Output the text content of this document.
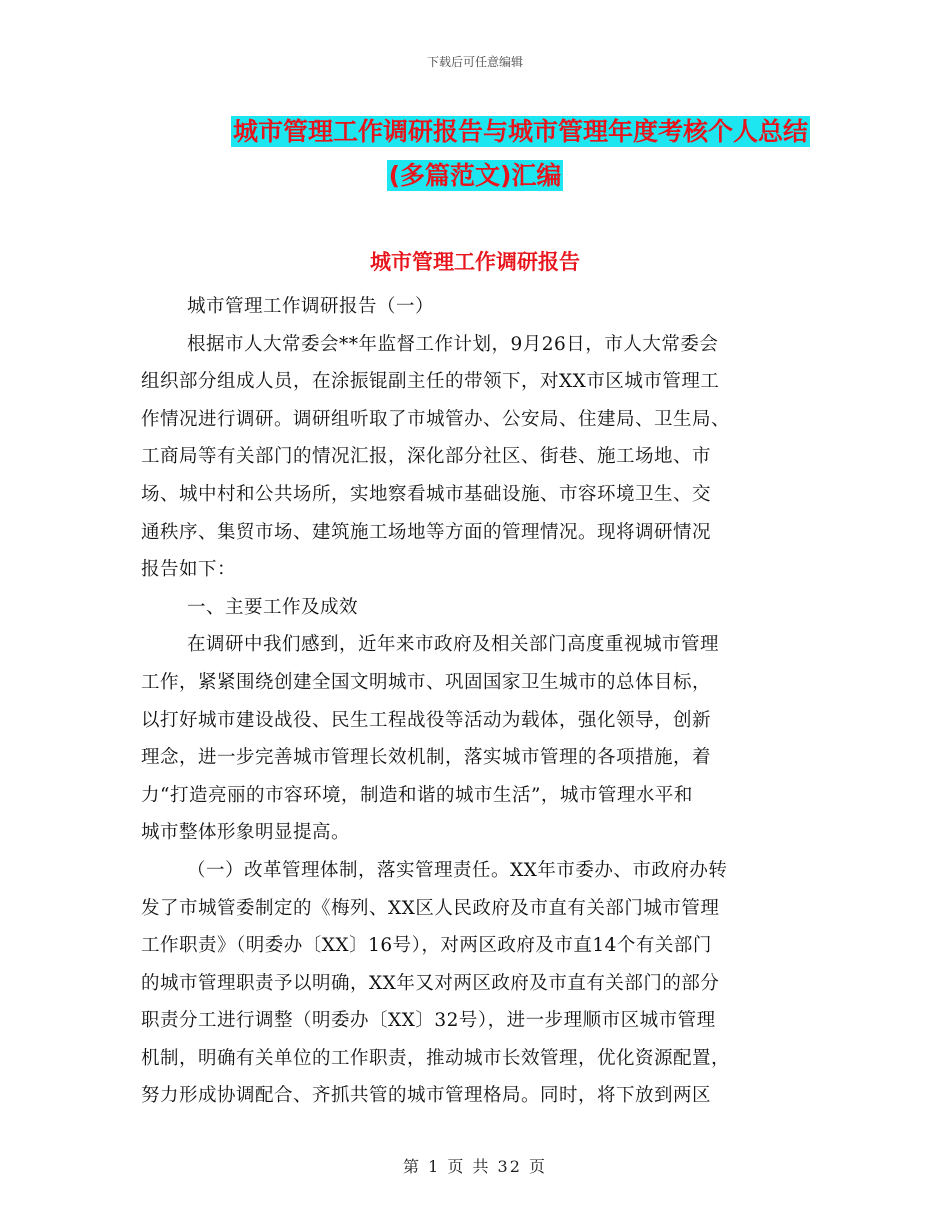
下载后可任意编辑
城市管理工作调研报告与城市管理年度考核个人总结
(多篇范文)汇编
城市管理工作调研报告
城市管理工作调研报告（一）
根据市人大常委会**年监督工作计划，9月26日，市人大常委会
组织部分组成人员，在涂振锟副主任的带领下，对XX市区城市管理工
作情况进行调研。调研组听取了市城管办、公安局、住建局、卫生局、
工商局等有关部门的情况汇报，深化部分社区、街巷、施工场地、市
场、城中村和公共场所，实地察看城市基础设施、市容环境卫生、交
通秩序、集贸市场、建筑施工场地等方面的管理情况。现将调研情况
报告如下：
一、主要工作及成效
在调研中我们感到，近年来市政府及相关部门高度重视城市管理
工作，紧紧围绕创建全国文明城市、巩固国家卫生城市的总体目标，
以打好城市建设战役、民生工程战役等活动为载体，强化领导，创新
理念，进一步完善城市管理长效机制，落实城市管理的各项措施，着
力“打造亮丽的市容环境，制造和谐的城市生活”，城市管理水平和
城市整体形象明显提高。
（一）改革管理体制，落实管理责任。XX年市委办、市政府办转
发了市城管委制定的《梅列、XX区人民政府及市直有关部门城市管理
工作职责》（明委办〔XX〕16号），对两区政府及市直14个有关部门
的城市管理职责予以明确，XX年又对两区政府及市直有关部门的部分
职责分工进行调整（明委办〔XX〕32号），进一步理顺市区城市管理
机制，明确有关单位的工作职责，推动城市长效管理，优化资源配置，
努力形成协调配合、齐抓共管的城市管理格局。同时，将下放到两区
第 1 页 共 32 页
